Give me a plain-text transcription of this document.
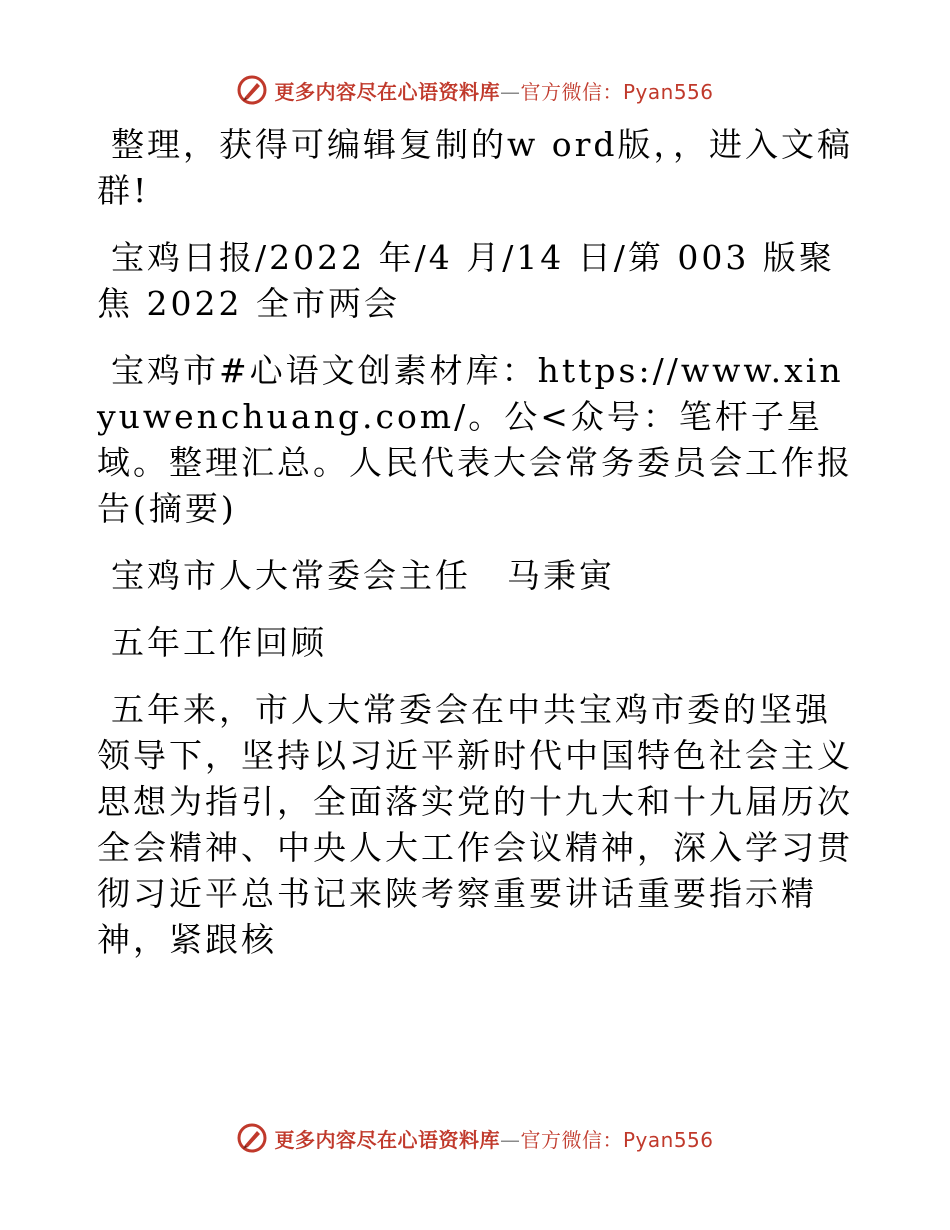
更多内容尽在心语资料库—官方微信：Pyan556

整理，获得可编辑复制的w ord版，，进入文稿群!

宝鸡日报/2022 年/4 月/14 日/第 003 版聚焦 2022 全市两会

宝鸡市#心语文创素材库：https://www.xinyuwenchuang.com/。公<众号：笔杆子星域。整理汇总。人民代表大会常务委员会工作报告(摘要)

宝鸡市人大常委会主任　马秉寅

五年工作回顾

五年来，市人大常委会在中共宝鸡市委的坚强领导下，坚持以习近平新时代中国特色社会主义思想为指引，全面落实党的十九大和十九届历次全会精神、中央人大工作会议精神，深入学习贯彻习近平总书记来陕考察重要讲话重要指示精神，紧跟核

更多内容尽在心语资料库—官方微信：Pyan556
